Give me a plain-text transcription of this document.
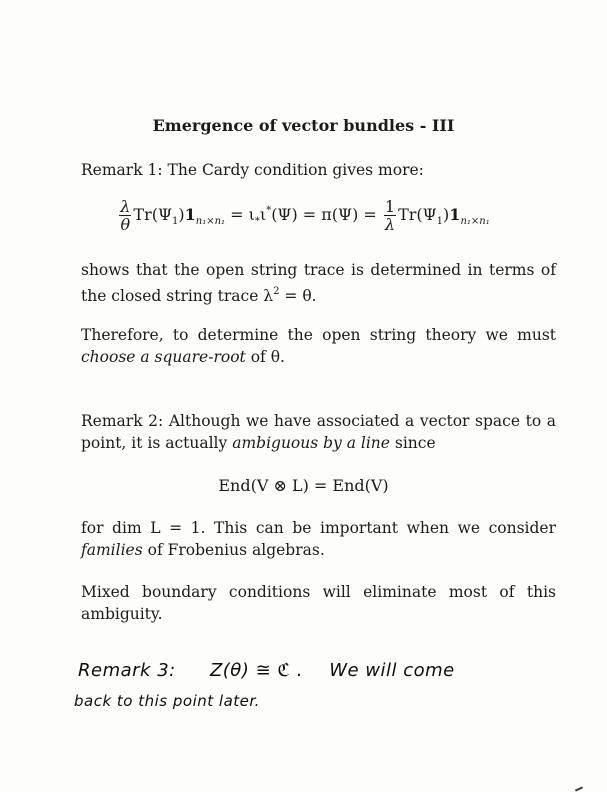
Emergence of vector bundles - III

Remark 1: The Cardy condition gives more:

$\frac{\lambda}{\theta} Tr(\Psi_1)1_{n_1\times n_1} = \iota_*\iota^*(\Psi) = \pi(\Psi) = \frac{1}{\lambda} Tr(\Psi_1)1_{n_1\times n_1}$

shows that the open string trace is determined in terms of the closed string trace $\lambda^2 = \theta$.

Therefore, to determine the open string theory we must choose a square-root of θ.

Remark 2: Although we have associated a vector space to a point, it is actually ambiguous by a line since

End(V ⊗ L) = End(V)

for dim L = 1. This can be important when we consider families of Frobenius algebras.

Mixed boundary conditions will eliminate most of this ambiguity.

Remark 3: Z(θ) ≅ ℭ . We will come
back to this point later.
